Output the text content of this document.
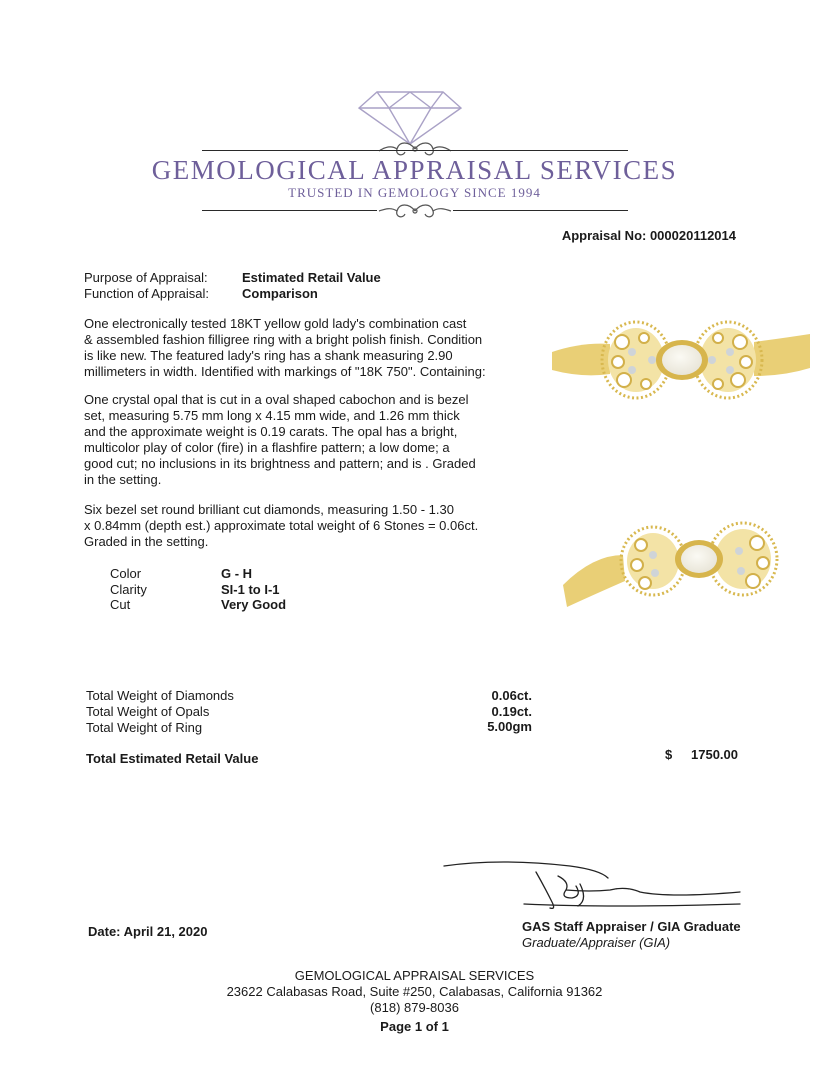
GEMOLOGICAL APPRAISAL SERVICES
TRUSTED IN GEMOLOGY SINCE 1994
Appraisal No: 000020112014
Purpose of Appraisal:	Estimated Retail Value
Function of Appraisal:	Comparison
One electronically tested 18KT yellow gold lady's combination cast
& assembled fashion filligree ring with a bright polish finish. Condition
is like new. The featured lady's ring has a shank measuring 2.90
millimeters in width. Identified with markings of "18K 750". Containing:
One crystal opal that is cut in a oval shaped cabochon and is bezel
set, measuring 5.75 mm long x 4.15 mm wide, and 1.26 mm thick
and the approximate weight is 0.19 carats. The opal has a bright,
multicolor play of color (fire) in a flashfire pattern; a low dome; a
good cut; no inclusions in its brightness and pattern; and is . Graded
in the setting.
Six bezel set round brilliant cut diamonds, measuring 1.50 - 1.30
x 0.84mm (depth est.) approximate total weight of 6 Stones = 0.06ct.
Graded in the setting.
Color	G - H
Clarity	SI-1 to I-1
Cut	Very Good
Total Weight of Diamonds	0.06ct.
Total Weight of Opals	0.19ct.
Total Weight of Ring	5.00gm
Total Estimated Retail Value	$	1750.00
Date: April 21, 2020	GAS Staff Appraiser / GIA Graduate
Graduate/Appraiser (GIA)
GEMOLOGICAL APPRAISAL SERVICES
23622 Calabasas Road, Suite #250, Calabasas, California 91362
(818) 879-8036
Page 1 of 1
